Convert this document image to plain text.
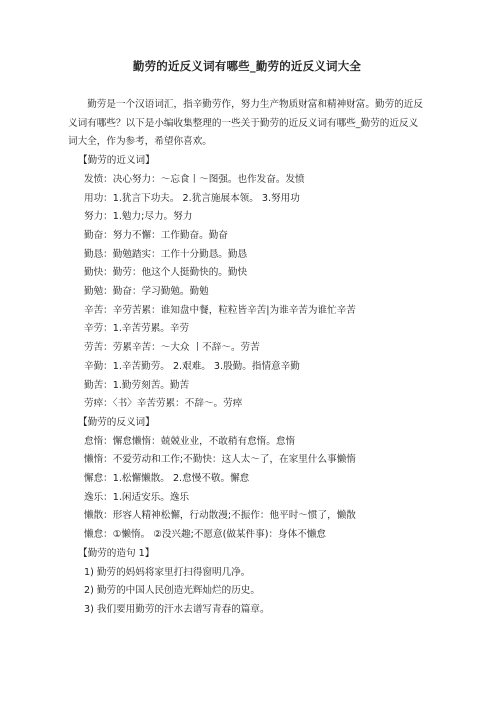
勤劳的近反义词有哪些_勤劳的近反义词大全

勤劳是一个汉语词汇，指辛勤劳作，努力生产物质财富和精神财富。勤劳的近反义词有哪些？以下是小编收集整理的一些关于勤劳的近反义词有哪些_勤劳的近反义词大全，作为参考，希望你喜欢。

【勤劳的近义词】
发愤：决心努力：～忘食丨～图强。也作发奋。发愤
用功：1.犹言下功夫。 2.犹言施展本领。 3.努用功
努力：1.勉力;尽力。努力
勤奋：努力不懈：工作勤奋。勤奋
勤恳：勤勉踏实：工作十分勤恳。勤恳
勤快：勤劳：他这个人挺勤快的。勤快
勤勉：勤奋：学习勤勉。勤勉
辛苦：辛劳苦累：谁知盘中餐，粒粒皆辛苦|为谁辛苦为谁忙辛苦
辛劳：1.辛苦劳累。辛劳
劳苦：劳累辛苦：～大众 丨不辞～。劳苦
辛勤：1.辛苦勤劳。 2.艰难。 3.殷勤。指情意辛勤
勤苦：1.勤劳刻苦。勤苦
劳瘁：〈书〉辛苦劳累：不辞～。劳瘁
【勤劳的反义词】
怠惰：懈怠懒惰：兢兢业业，不敢稍有怠惰。怠惰
懒惰：不爱劳动和工作;不勤快：这人太～了，在家里什么事懒惰
懈怠：1.松懈懒散。 2.怠慢不敬。懈怠
逸乐：1.闲适安乐。逸乐
懒散：形容人精神松懈，行动散漫;不振作：他平时～惯了，懒散
懒怠：①懒惰。 ②没兴趣;不愿意(做某件事)：身体不懒怠
【勤劳的造句 1】
1) 勤劳的妈妈将家里打扫得窗明几净。
2) 勤劳的中国人民创造光辉灿烂的历史。
3) 我们要用勤劳的汗水去谱写青春的篇章。
